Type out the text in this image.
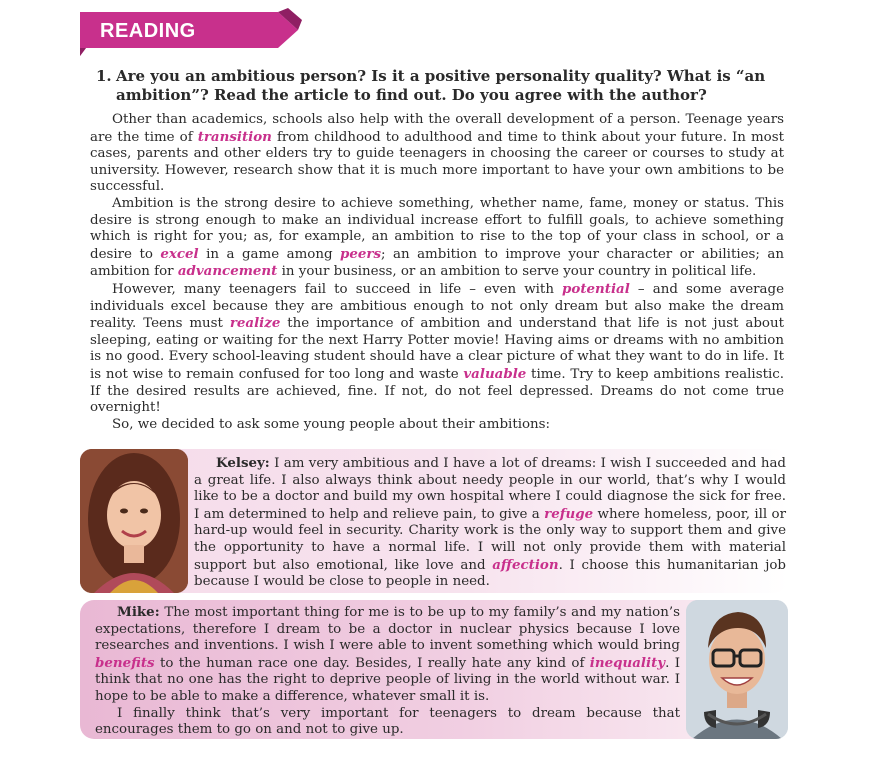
READING
1. Are you an ambitious person? Is it a positive personality quality? What is “an
ambition”? Read the article to find out. Do you agree with the author?

Other than academics, schools also help with the overall development of a person. Teenage years are the time of transition from childhood to adulthood and time to think about your future. In most cases, parents and other elders try to guide teenagers in choosing the career or courses to study at university. However, research show that it is much more important to have your own ambitions to be successful.

Ambition is the strong desire to achieve something, whether name, fame, money or status. This desire is strong enough to make an individual increase effort to fulfill goals, to achieve something which is right for you; as, for example, an ambition to rise to the top of your class in school, or a desire to excel in a game among peers; an ambition to improve your character or abilities; an ambition for advancement in your business, or an ambition to serve your country in political life.

However, many teenagers fail to succeed in life – even with potential – and some average individuals excel because they are ambitious enough to not only dream but also make the dream reality. Teens must realize the importance of ambition and understand that life is not just about sleeping, eating or waiting for the next Harry Potter movie! Having aims or dreams with no ambition is no good. Every school-leaving student should have a clear picture of what they want to do in life. It is not wise to remain confused for too long and waste valuable time. Try to keep ambitions realistic. If the desired results are achieved, fine. If not, do not feel depressed. Dreams do not come true overnight!

So, we decided to ask some young people about their ambitions:

Kelsey: I am very ambitious and I have a lot of dreams: I wish I succeeded and had a great life. I also always think about needy people in our world, that’s why I would like to be a doctor and build my own hospital where I could diagnose the sick for free. I am determined to help and relieve pain, to give a refuge where homeless, poor, ill or hard-up would feel in security. Charity work is the only way to support them and give the opportunity to have a normal life. I will not only provide them with material support but also emotional, like love and affection. I choose this humanitarian job because I would be close to people in need.

Mike: The most important thing for me is to be up to my family’s and my nation’s expectations, therefore I dream to be a doctor in nuclear physics because I love researches and inventions. I wish I were able to invent something which would bring benefits to the human race one day. Besides, I really hate any kind of inequality. I think that no one has the right to deprive people of living in the world without war. I hope to be able to make a difference, whatever small it is.

I finally think that’s very important for teenagers to dream because that encourages them to go on and not to give up.
